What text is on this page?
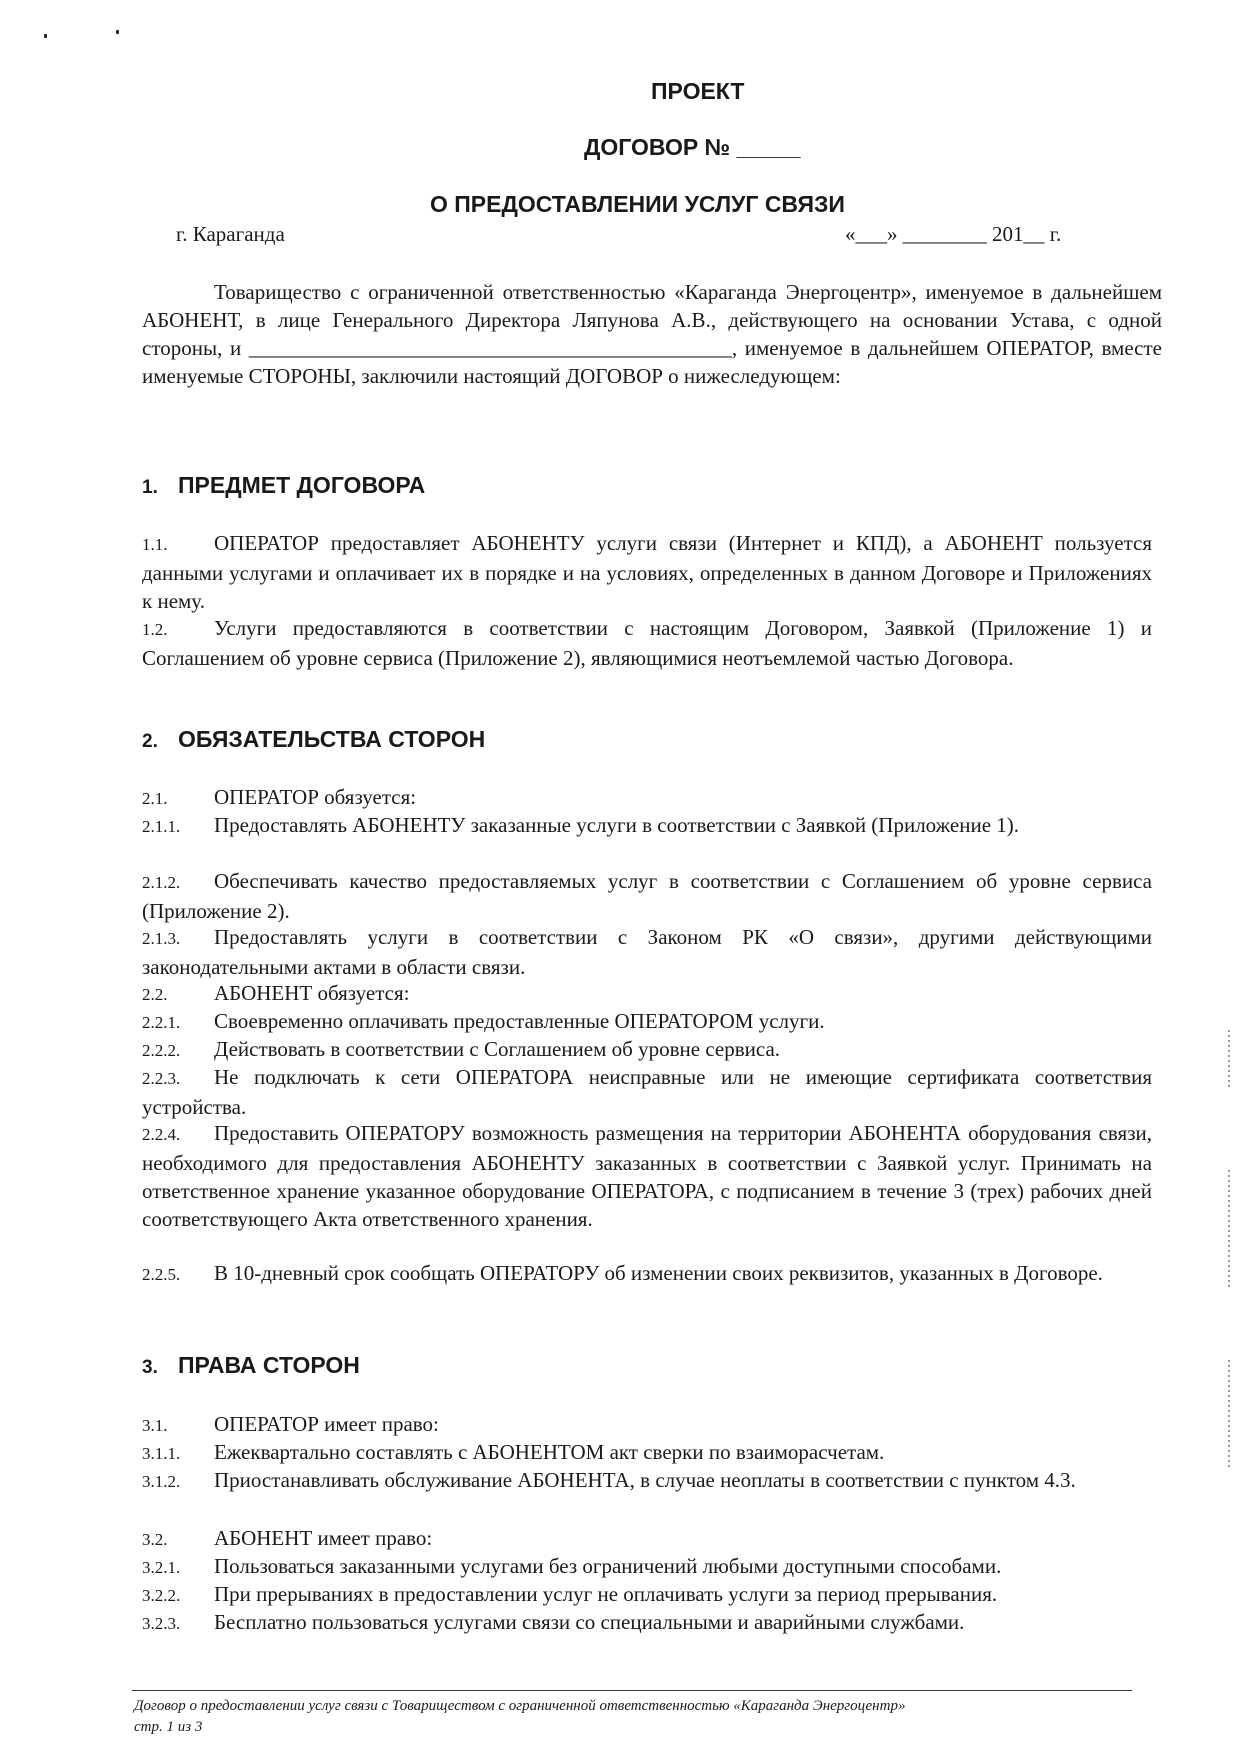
ПРОЕКТ
ДОГОВОР № _____
О ПРЕДОСТАВЛЕНИИ УСЛУГ СВЯЗИ
г. Караганда	«___» ________ 201__ г.

Товарищество с ограниченной ответственностью «Караганда Энергоцентр», именуемое в дальнейшем АБОНЕНТ, в лице Генерального Директора Ляпунова А.В., действующего на основании Устава, с одной стороны, и ______________________________________________, именуемое в дальнейшем ОПЕРАТОР, вместе именуемые СТОРОНЫ, заключили настоящий ДОГОВОР о нижеследующем:

1. ПРЕДМЕТ ДОГОВОРА
1.1. ОПЕРАТОР предоставляет АБОНЕНТУ услуги связи (Интернет и КПД), а АБОНЕНТ пользуется данными услугами и оплачивает их в порядке и на условиях, определенных в данном Договоре и Приложениях к нему.
1.2. Услуги предоставляются в соответствии с настоящим Договором, Заявкой (Приложение 1) и Соглашением об уровне сервиса (Приложение 2), являющимися неотъемлемой частью Договора.
2. ОБЯЗАТЕЛЬСТВА СТОРОН
2.1. ОПЕРАТОР обязуется:
2.1.1. Предоставлять АБОНЕНТУ заказанные услуги в соответствии с Заявкой (Приложение 1).
2.1.2. Обеспечивать качество предоставляемых услуг в соответствии с Соглашением об уровне сервиса (Приложение 2).
2.1.3. Предоставлять услуги в соответствии с Законом РК «О связи», другими действующими законодательными актами в области связи.
2.2. АБОНЕНТ обязуется:
2.2.1. Своевременно оплачивать предоставленные ОПЕРАТОРОМ услуги.
2.2.2. Действовать в соответствии с Соглашением об уровне сервиса.
2.2.3. Не подключать к сети ОПЕРАТОРА неисправные или не имеющие сертификата соответствия устройства.
2.2.4. Предоставить ОПЕРАТОРУ возможность размещения на территории АБОНЕНТА оборудования связи, необходимого для предоставления АБОНЕНТУ заказанных в соответствии с Заявкой услуг. Принимать на ответственное хранение указанное оборудование ОПЕРАТОРА, с подписанием в течение 3 (трех) рабочих дней соответствующего Акта ответственного хранения.
2.2.5. В 10-дневный срок сообщать ОПЕРАТОРУ об изменении своих реквизитов, указанных в Договоре.
3. ПРАВА СТОРОН
3.1. ОПЕРАТОР имеет право:
3.1.1. Ежеквартально составлять с АБОНЕНТОМ акт сверки по взаиморасчетам.
3.1.2. Приостанавливать обслуживание АБОНЕНТА, в случае неоплаты в соответствии с пунктом 4.3.
3.2. АБОНЕНТ имеет право:
3.2.1. Пользоваться заказанными услугами без ограничений любыми доступными способами.
3.2.2. При прерываниях в предоставлении услуг не оплачивать услуги за период прерывания.
3.2.3. Бесплатно пользоваться услугами связи со специальными и аварийными службами.
Договор о предоставлении услуг связи с Товариществом с ограниченной ответственностью «Караганда Энергоцентр»
стр. 1 из 3
